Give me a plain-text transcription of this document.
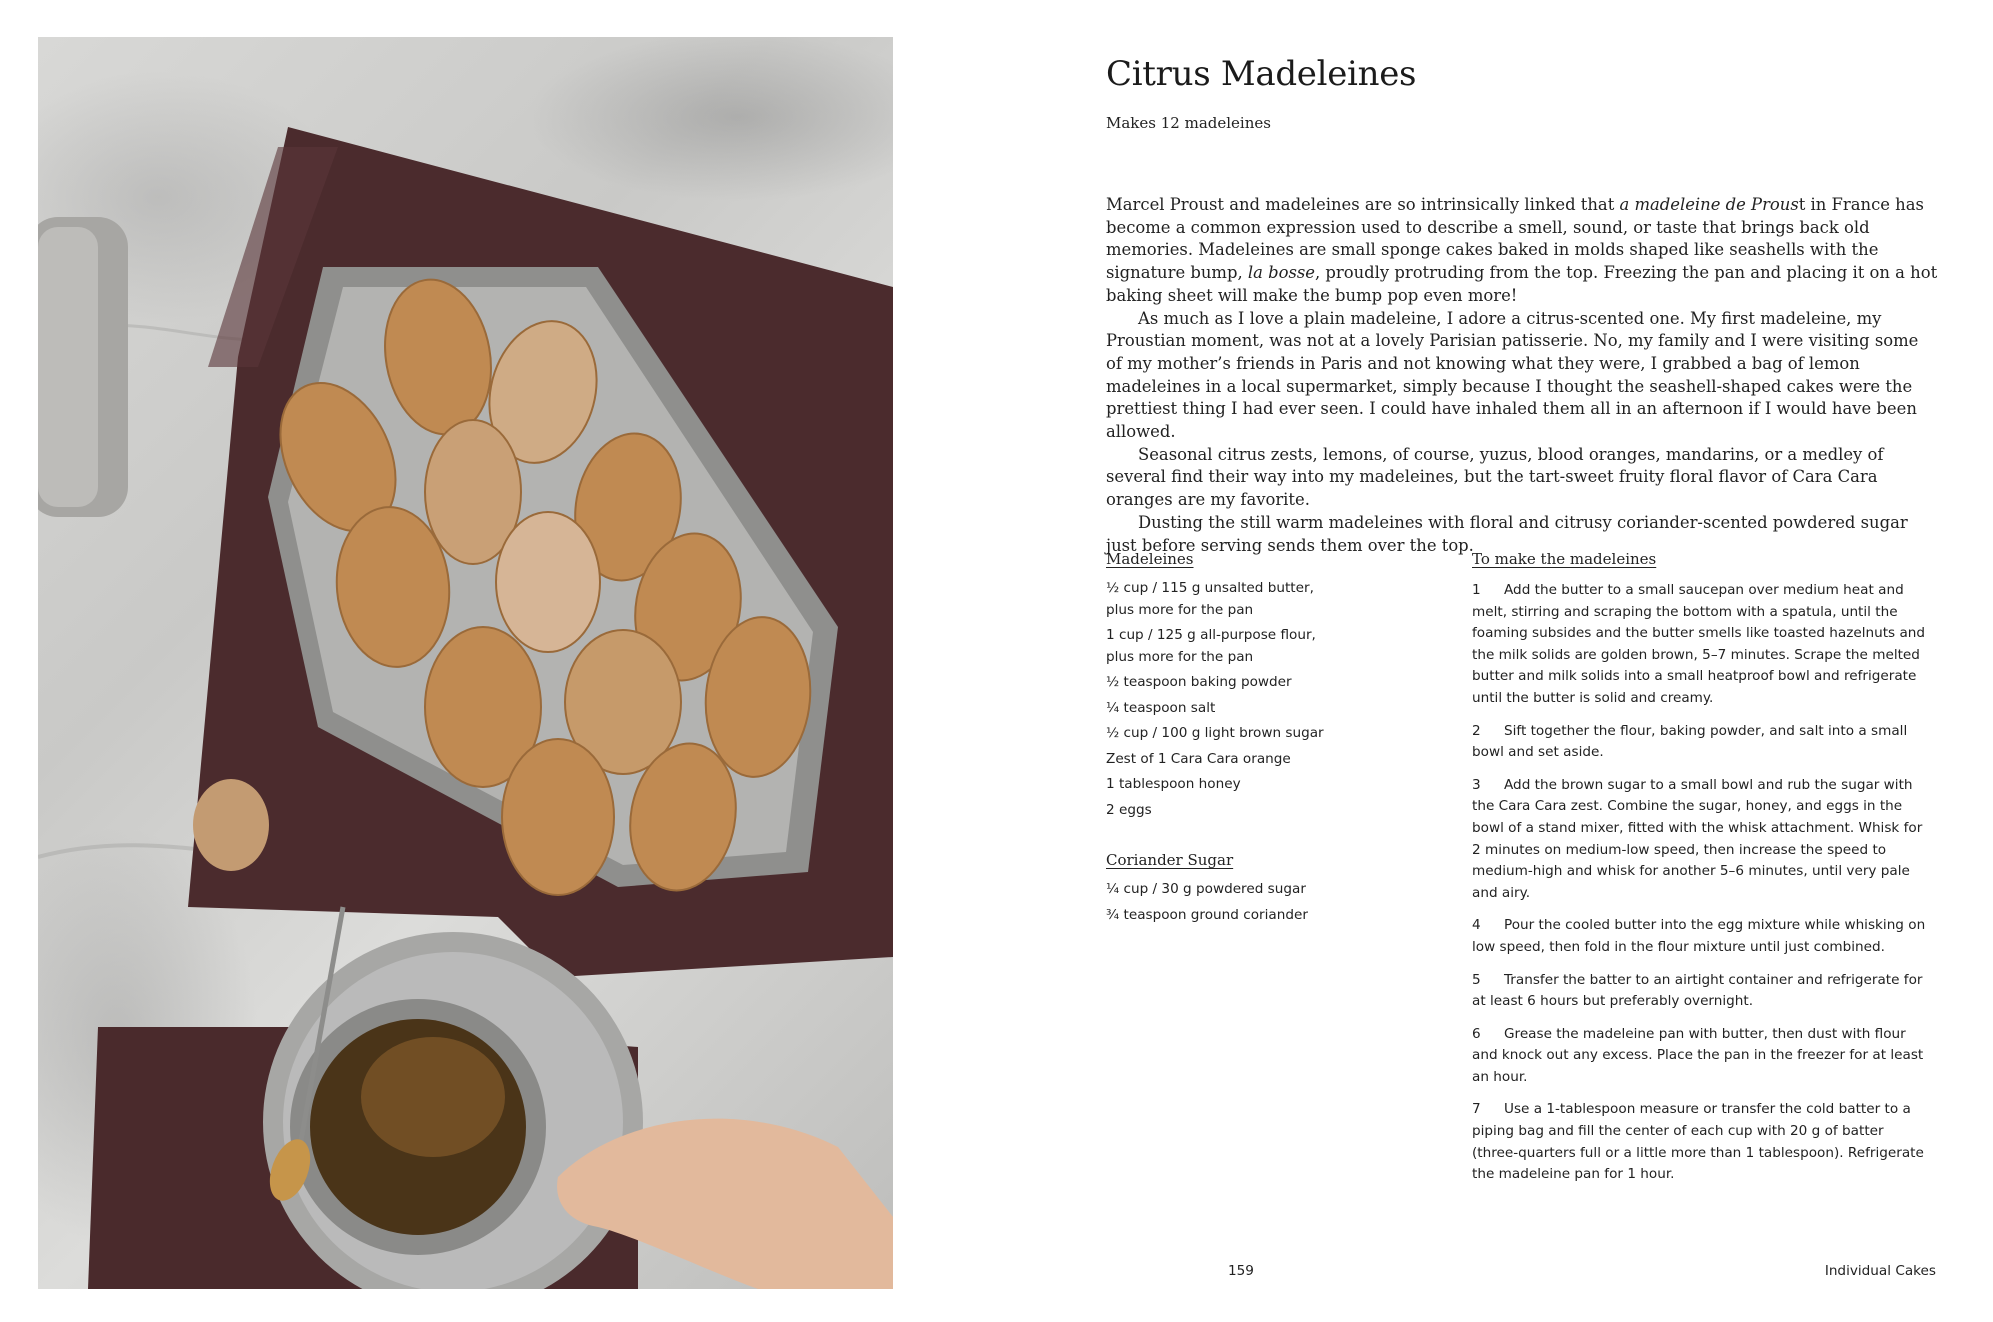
Citrus Madeleines

Makes 12 madeleines

Marcel Proust and madeleines are so intrinsically linked that a madeleine de Proust in France has become a common expression used to describe a smell, sound, or taste that brings back old memories. Madeleines are small sponge cakes baked in molds shaped like seashells with the signature bump, la bosse, proudly protruding from the top. Freezing the pan and placing it on a hot baking sheet will make the bump pop even more!

As much as I love a plain madeleine, I adore a citrus-scented one. My first madeleine, my Proustian moment, was not at a lovely Parisian patisserie. No, my family and I were visiting some of my mother’s friends in Paris and not knowing what they were, I grabbed a bag of lemon madeleines in a local supermarket, simply because I thought the seashell-shaped cakes were the prettiest thing I had ever seen. I could have inhaled them all in an afternoon if I would have been allowed.

Seasonal citrus zests, lemons, of course, yuzus, blood oranges, mandarins, or a medley of several find their way into my madeleines, but the tart-sweet fruity floral flavor of Cara Cara oranges are my favorite.

Dusting the still warm madeleines with floral and citrusy coriander-scented powdered sugar just before serving sends them over the top.

Madeleines
½ cup / 115 g unsalted butter,
plus more for the pan
1 cup / 125 g all-purpose flour,
plus more for the pan
½ teaspoon baking powder
¼ teaspoon salt
½ cup / 100 g light brown sugar
Zest of 1 Cara Cara orange
1 tablespoon honey
2 eggs
Coriander Sugar
¼ cup / 30 g powdered sugar
¾ teaspoon ground coriander
To make the madeleines
1 Add the butter to a small saucepan over medium heat and melt, stirring and scraping the bottom with a spatula, until the foaming subsides and the butter smells like toasted hazelnuts and the milk solids are golden brown, 5–7 minutes. Scrape the melted butter and milk solids into a small heatproof bowl and refrigerate until the butter is solid and creamy.
2 Sift together the flour, baking powder, and salt into a small bowl and set aside.
3 Add the brown sugar to a small bowl and rub the sugar with the Cara Cara zest. Combine the sugar, honey, and eggs in the bowl of a stand mixer, fitted with the whisk attachment. Whisk for 2 minutes on medium-low speed, then increase the speed to medium-high and whisk for another 5–6 minutes, until very pale and airy.
4 Pour the cooled butter into the egg mixture while whisking on low speed, then fold in the flour mixture until just combined.
5 Transfer the batter to an airtight container and refrigerate for at least 6 hours but preferably overnight.
6 Grease the madeleine pan with butter, then dust with flour and knock out any excess. Place the pan in the freezer for at least an hour.
7 Use a 1-tablespoon measure or transfer the cold batter to a piping bag and fill the center of each cup with 20 g of batter (three-quarters full or a little more than 1 tablespoon). Refrigerate the madeleine pan for 1 hour.
159	Individual Cakes
